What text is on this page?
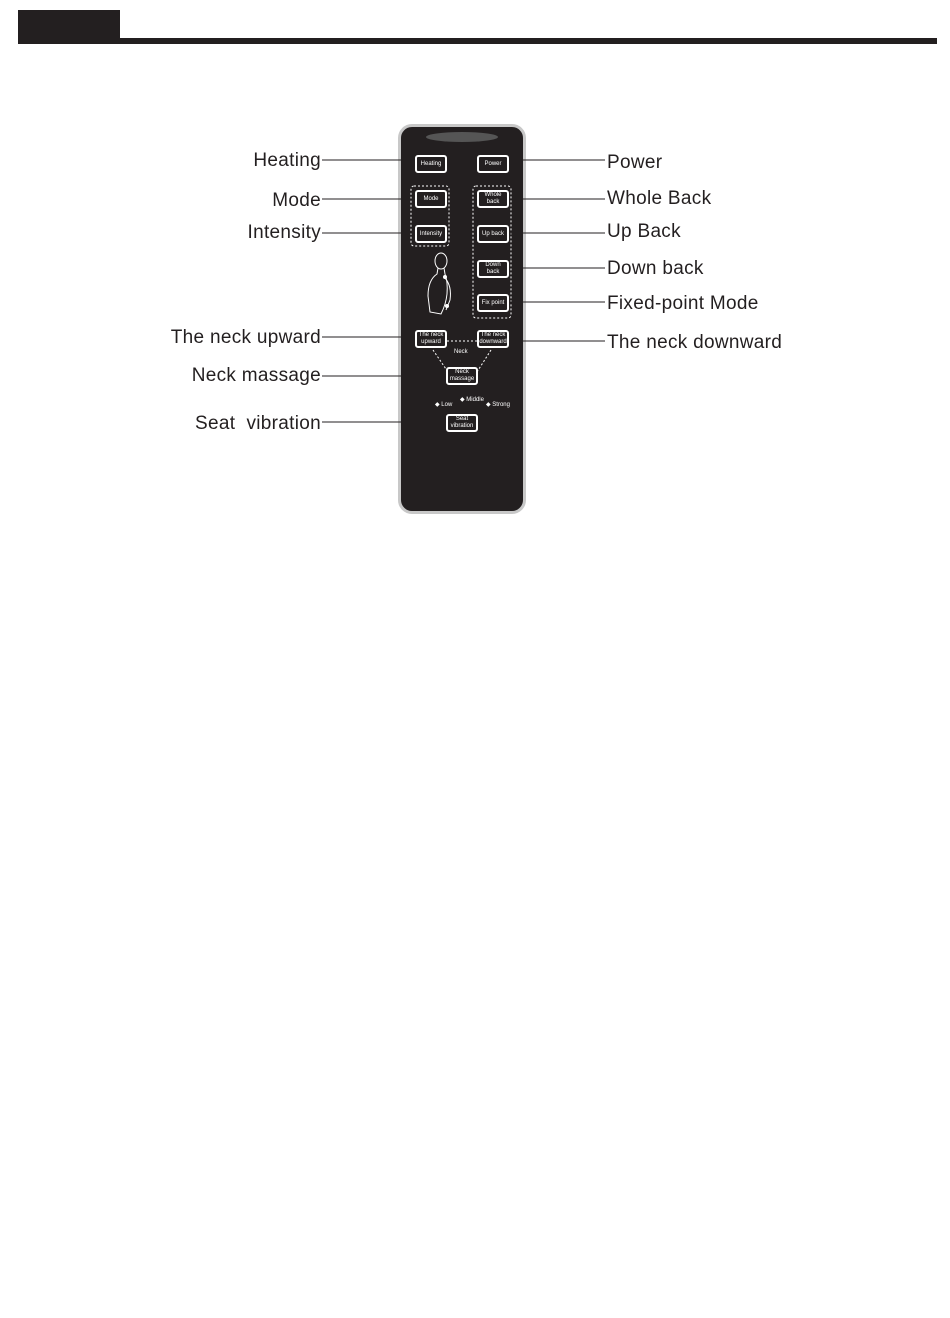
Heating	Power
Mode
Whole back
Intensity	Up back
Down back
Fix point
The neck upward
The neck downward
Neck
Neck massage
◆ Low
◆ Middle
◆ Strong
Seat vibration
Heating
Mode
Intensity
The neck upward
Neck massage
Seat  vibration
Power
Whole Back
Up Back
Down back
Fixed-point Mode
The neck downward
